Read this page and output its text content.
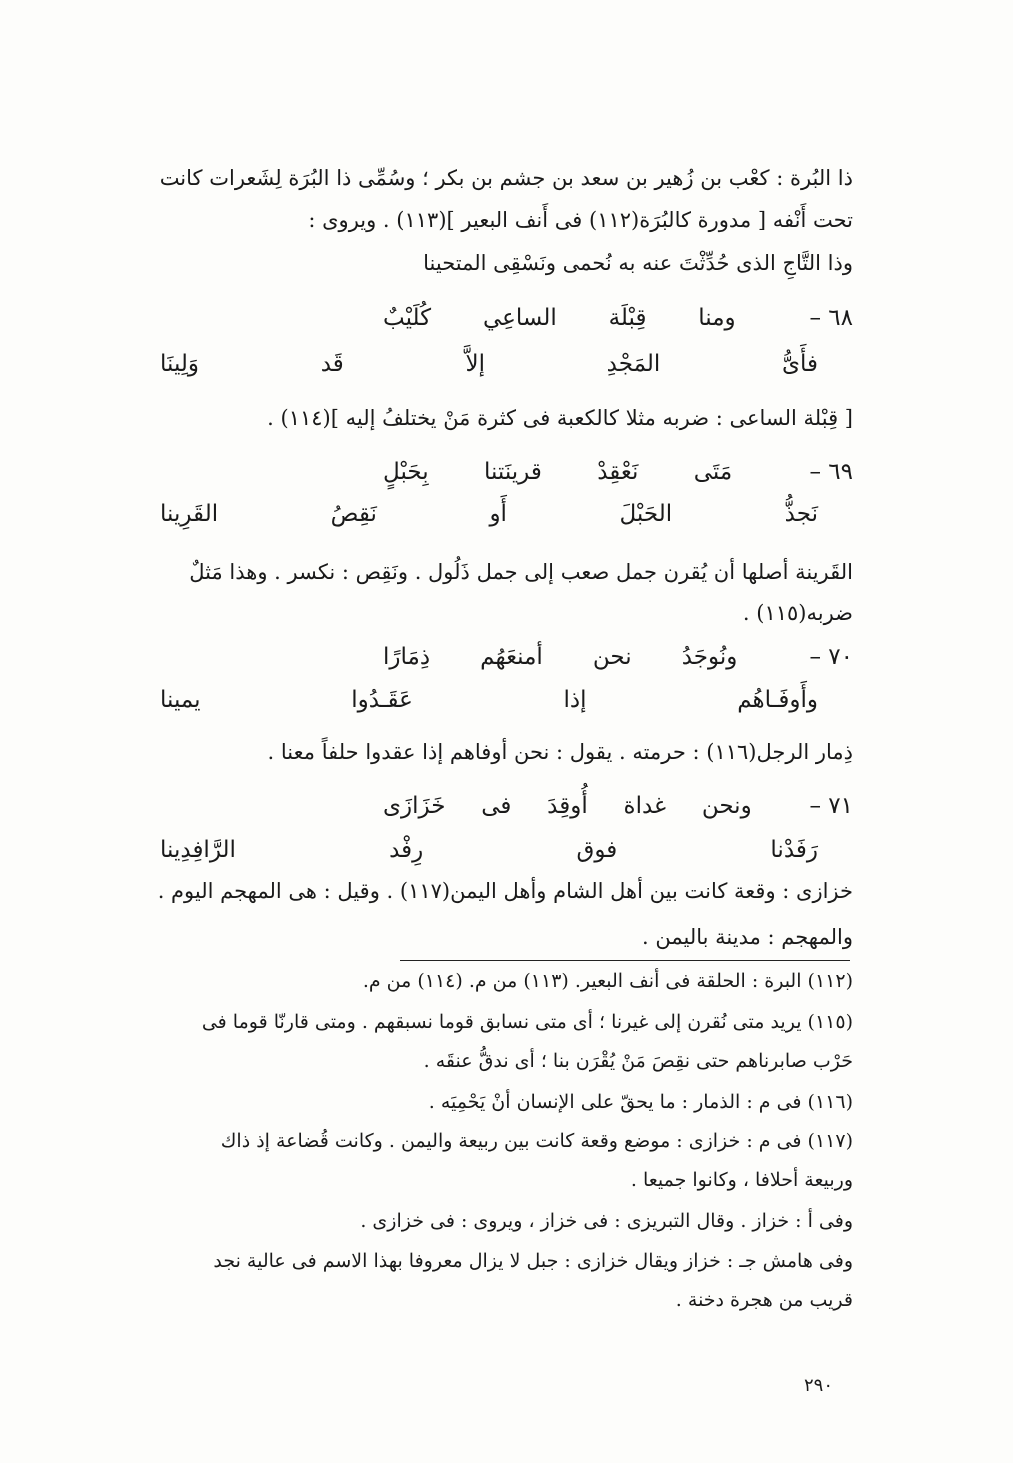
ذا البُرة : كعْب بن زُهير بن سعد بن جشم بن بكر ؛ وسُمِّى ذا البُرَة لِشَعرات كانت
تحت أَنْفه [ مدورة كالبُرَة(١١٢) فى أَنف البعير ](١١٣) . ويروى :
وذا التَّاجِ الذى حُدِّثْتَ عنه به نُحمى ونَسْقِى المتحينا
٦٨ –
ومنا
قِبْلَة
الساعِي
كُلَيْبٌ
فأَىُّ
المَجْدِ
إلاَّ
قَد
وَلِينَا
[ قِبْلة الساعى : ضربه مثلا كالكعبة فى كثرة مَنْ يختلفُ إليه ](١١٤) .
٦٩ –
مَتَى
نَعْقِدْ
قرينَتنا
بِحَبْلٍ
نَجذُّ
الحَبْلَ
أَو
نَقِصُ
القَرِينا
القَرينة أصلها أن يُقرن جمل صعب إلى جمل ذَلُول . ونَقِص : نكسر . وهذا مَثلٌ
ضربه(١١٥) .
٧٠ –
ونُوجَدُ
نحن
أمنعَهُم
ذِمَارًا
وأَوفَـاهُم
إذا
عَقَـدُوا
يمينا
ذِمار الرجل(١١٦) : حرمته . يقول : نحن أوفاهم إذا عقدوا حلفاً معنا .
٧١ –
ونحن
غداة
أُوقِدَ
فى
خَزَازَى
رَفَدْنا
فوق
رِفْد
الرَّافِدِينا
خزازى : وقعة كانت بين أهل الشام وأهل اليمن(١١٧) . وقيل : هى المهجم اليوم .
والمهجم : مدينة باليمن .
(١١٢) البرة : الحلقة فى أنف البعير. (١١٣) من م. (١١٤) من م.
(١١٥) يريد متى نُقرن إلى غيرنا ؛ أى متى نسابق قوما نسبقهم . ومتى قارنّا قوما فى
حَرْب صابرناهم حتى نقِصَ مَنْ يُقْرَن بنا ؛ أى ندقُّ عنقَه .
(١١٦) فى م : الذمار : ما يحقّ على الإنسان أنْ يَحْمِيَه .
(١١٧) فى م : خزازى : موضع وقعة كانت بين ربيعة واليمن . وكانت قُضاعة إذ ذاك
وربيعة أحلافا ، وكانوا جميعا .
وفى أ : خزاز . وقال التبريزى : فى خزاز ، ويروى : فى خزازى .
وفى هامش جـ : خزاز ويقال خزازى : جبل لا يزال معروفا بهذا الاسم فى عالية نجد
قريب من هجرة دخنة .
٢٩٠
